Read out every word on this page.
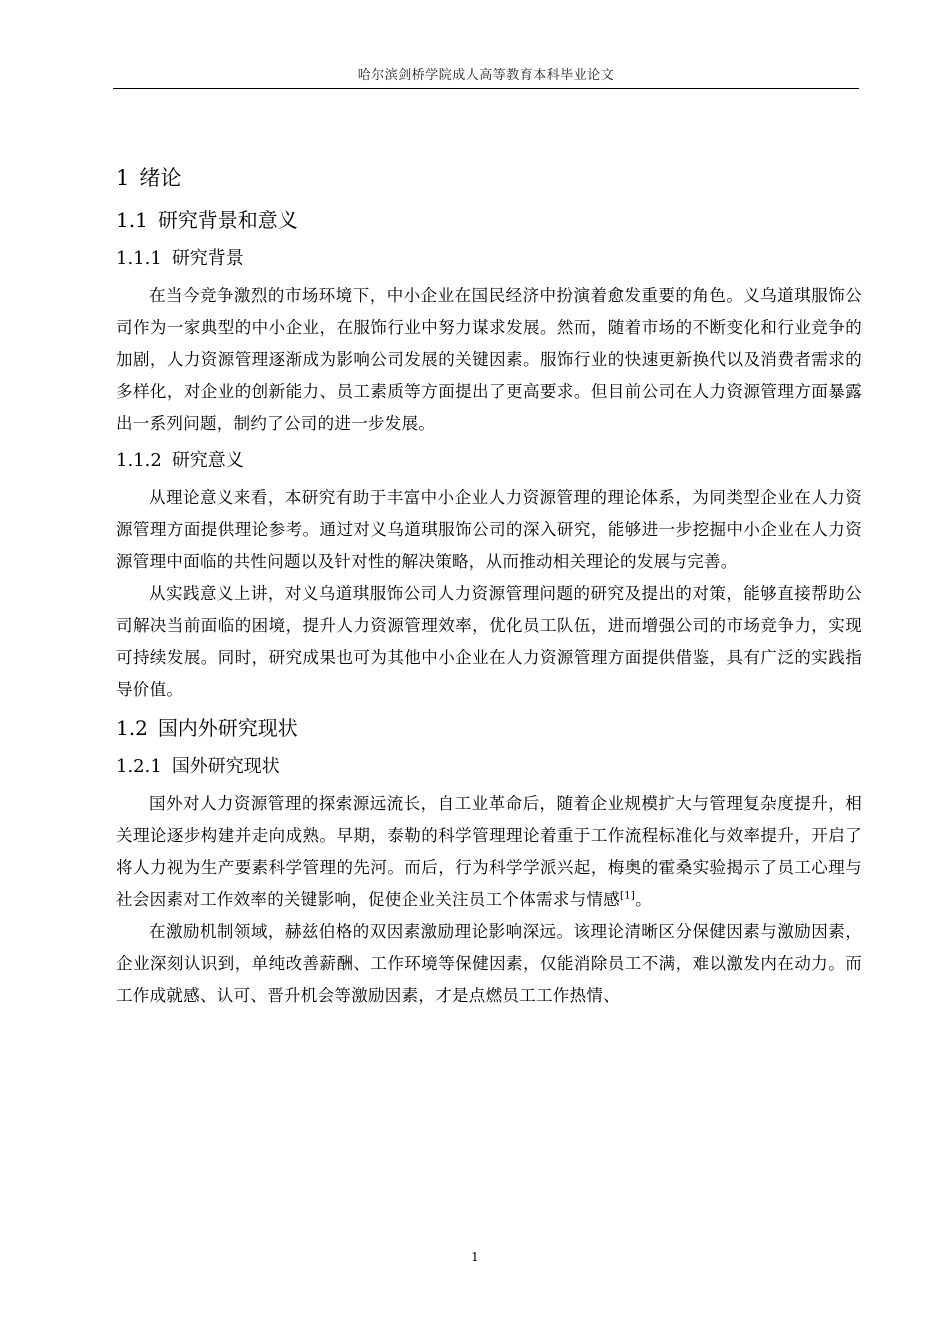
哈尔滨剑桥学院成人高等教育本科毕业论文
1 绪论
1.1 研究背景和意义
1.1.1 研究背景

在当今竞争激烈的市场环境下，中小企业在国民经济中扮演着愈发重要的角色。义乌道琪服饰公司作为一家典型的中小企业，在服饰行业中努力谋求发展。然而，随着市场的不断变化和行业竞争的加剧，人力资源管理逐渐成为影响公司发展的关键因素。服饰行业的快速更新换代以及消费者需求的多样化，对企业的创新能力、员工素质等方面提出了更高要求。但目前公司在人力资源管理方面暴露出一系列问题，制约了公司的进一步发展。

1.1.2 研究意义

从理论意义来看，本研究有助于丰富中小企业人力资源管理的理论体系，为同类型企业在人力资源管理方面提供理论参考。通过对义乌道琪服饰公司的深入研究，能够进一步挖掘中小企业在人力资源管理中面临的共性问题以及针对性的解决策略，从而推动相关理论的发展与完善。

从实践意义上讲，对义乌道琪服饰公司人力资源管理问题的研究及提出的对策，能够直接帮助公司解决当前面临的困境，提升人力资源管理效率，优化员工队伍，进而增强公司的市场竞争力，实现可持续发展。同时，研究成果也可为其他中小企业在人力资源管理方面提供借鉴，具有广泛的实践指导价值。

1.2 国内外研究现状
1.2.1 国外研究现状

国外对人力资源管理的探索源远流长，自工业革命后，随着企业规模扩大与管理复杂度提升，相关理论逐步构建并走向成熟。早期，泰勒的科学管理理论着重于工作流程标准化与效率提升，开启了将人力视为生产要素科学管理的先河。而后，行为科学学派兴起，梅奥的霍桑实验揭示了员工心理与社会因素对工作效率的关键影响，促使企业关注员工个体需求与情感[1]。

在激励机制领域，赫兹伯格的双因素激励理论影响深远。该理论清晰区分保健因素与激励因素，企业深刻认识到，单纯改善薪酬、工作环境等保健因素，仅能消除员工不满，难以激发内在动力。而工作成就感、认可、晋升机会等激励因素，才是点燃员工工作热情、

1
